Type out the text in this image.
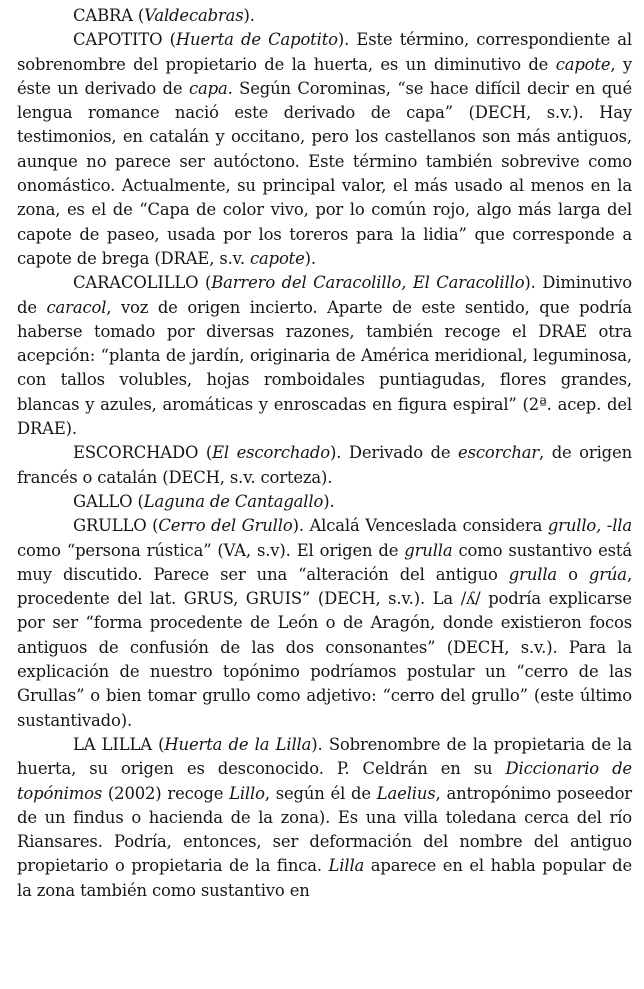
CABRA (Valdecabras).

CAPOTITO (Huerta de Capotito). Este término, correspondiente al sobrenombre del propietario de la huerta, es un diminutivo de capote, y éste un derivado de capa. Según Corominas, “se hace difícil decir en qué lengua romance nació este derivado de capa” (DECH, s.v.). Hay testimonios, en catalán y occitano, pero los castellanos son más antiguos, aunque no parece ser autóctono. Este término también sobrevive como onomástico. Actualmente, su principal valor, el más usado al menos en la zona, es el de “Capa de color vivo, por lo común rojo, algo más larga del capote de paseo, usada por los toreros para la lidia” que corresponde a capote de brega (DRAE, s.v. capote).

CARACOLILLO (Barrero del Caracolillo, El Caracolillo). Diminutivo de caracol, voz de origen incierto. Aparte de este sentido, que podría haberse tomado por diversas razones, también recoge el DRAE otra acepción: “planta de jardín, originaria de América meridional, leguminosa, con tallos volubles, hojas romboidales puntiagudas, flores grandes, blancas y azules, aromáticas y enroscadas en figura espiral” (2ª. acep. del DRAE).

ESCORCHADO (El escorchado). Derivado de escorchar, de origen francés o catalán (DECH, s.v. corteza).

GALLO (Laguna de Cantagallo).

GRULLO (Cerro del Grullo). Alcalá Venceslada considera grullo, -lla como “persona rústica” (VA, s.v). El origen de grulla como sustantivo está muy discutido. Parece ser una “alteración del antiguo grulla o grúa, procedente del lat. GRUS, GRUIS” (DECH, s.v.). La /ʎ/ podría explicarse por ser “forma procedente de León o de Aragón, donde existieron focos antiguos de confusión de las dos consonantes” (DECH, s.v.). Para la explicación de nuestro topónimo podríamos postular un “cerro de las Grullas” o bien tomar grullo como adjetivo: “cerro del grullo” (este último sustantivado).

LA LILLA (Huerta de la Lilla). Sobrenombre de la propietaria de la huerta, su origen es desconocido. P. Celdrán en su Diccionario de topónimos (2002) recoge Lillo, según él de Laelius, antropónimo poseedor de un findus o hacienda de la zona). Es una villa toledana cerca del río Riansares. Podría, entonces, ser deformación del nombre del antiguo propietario o propietaria de la finca. Lilla aparece en el habla popular de la zona también como sustantivo en
